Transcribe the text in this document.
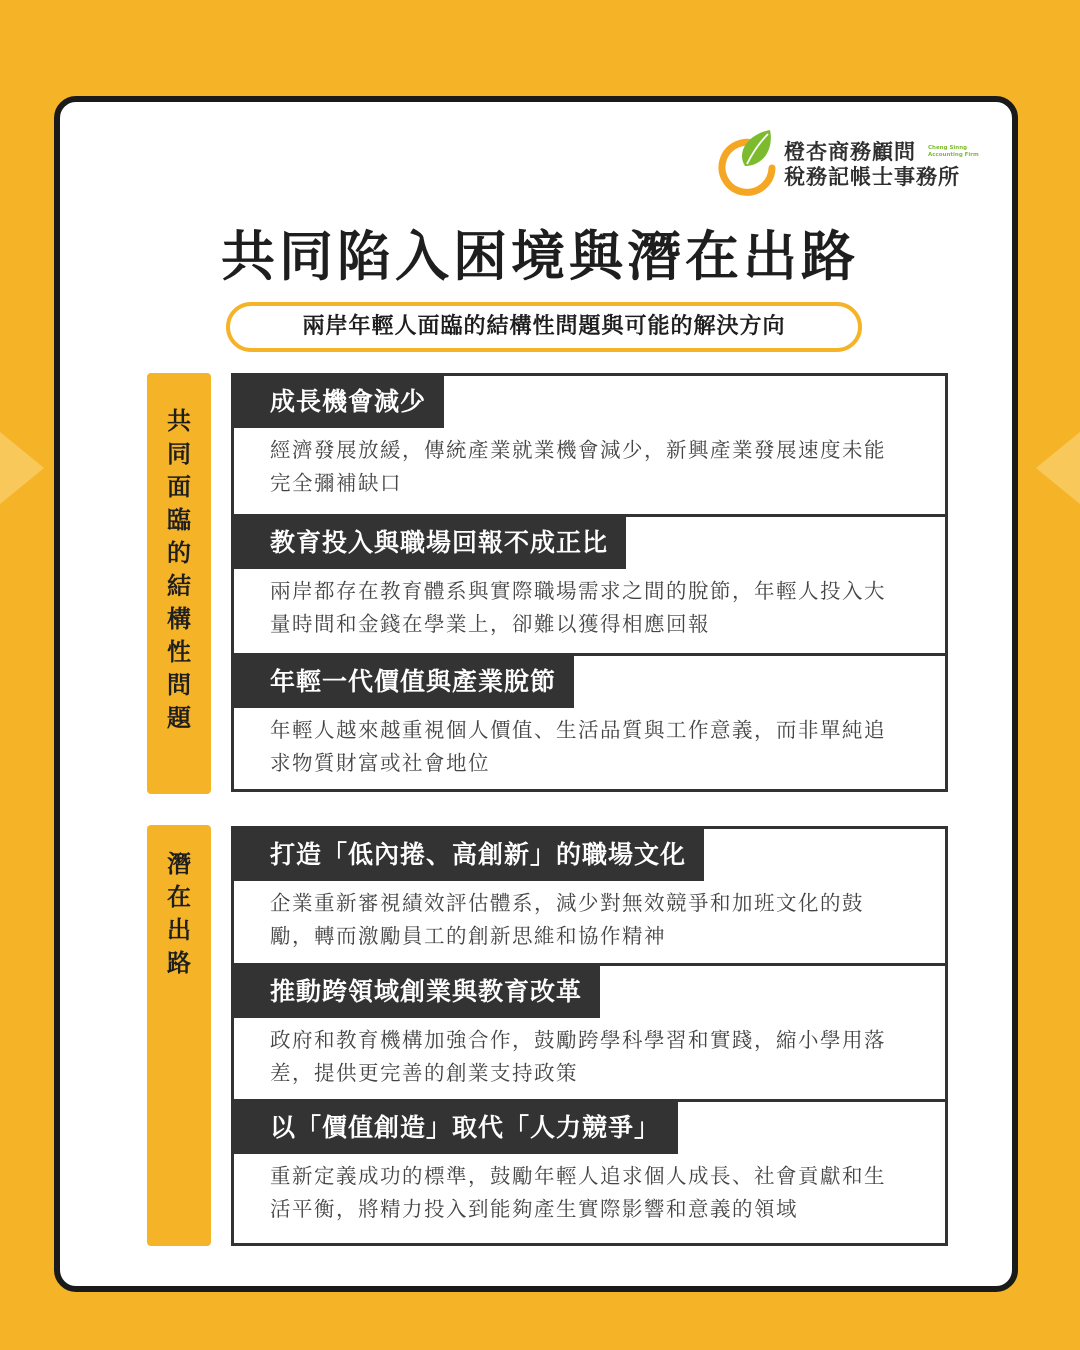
橙杏商務顧問
稅務記帳士事務所
Cheng Sinng
Accounting Firm
共同陷入困境與潛在出路
兩岸年輕人面臨的結構性問題與可能的解決方向
共
同
面
臨
的
結
構
性
問
題
成長機會減少
經濟發展放緩，傳統產業就業機會減少，新興產業發展速度未能完全彌補缺口
教育投入與職場回報不成正比
兩岸都存在教育體系與實際職場需求之間的脫節，年輕人投入大量時間和金錢在學業上，卻難以獲得相應回報
年輕一代價值與產業脫節
年輕人越來越重視個人價值、生活品質與工作意義，而非單純追求物質財富或社會地位
潛
在
出
路
打造「低內捲、高創新」的職場文化
企業重新審視績效評估體系，減少對無效競爭和加班文化的鼓勵，轉而激勵員工的創新思維和協作精神
推動跨領域創業與教育改革
政府和教育機構加強合作，鼓勵跨學科學習和實踐，縮小學用落差，提供更完善的創業支持政策
以「價值創造」取代「人力競爭」
重新定義成功的標準，鼓勵年輕人追求個人成長、社會貢獻和生活平衡，將精力投入到能夠產生實際影響和意義的領域
